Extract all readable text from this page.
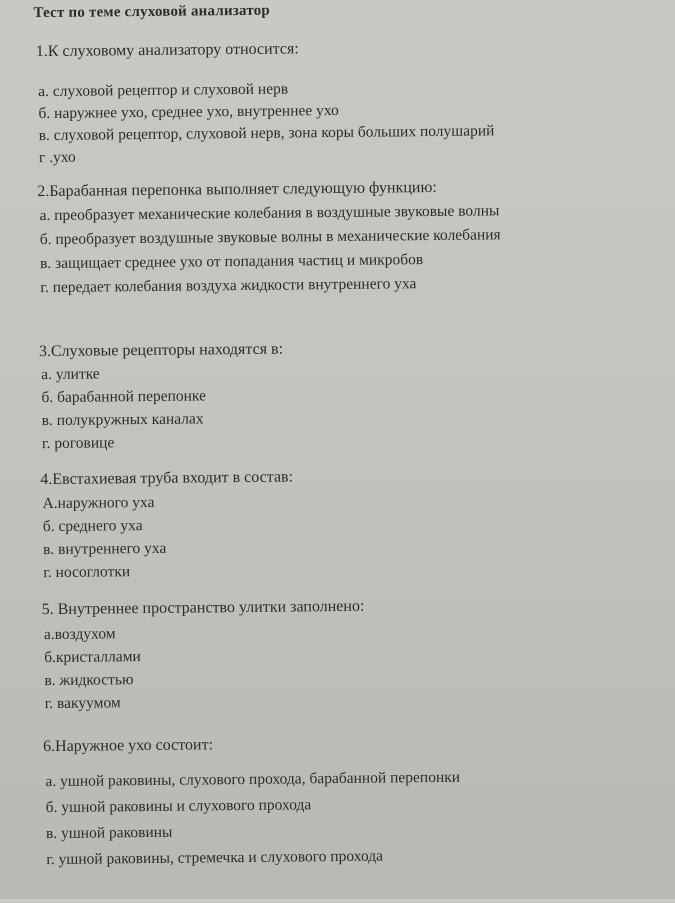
Тест по теме слуховой анализатор
1.К слуховому анализатору относится:
а. слуховой рецептор и слуховой нерв
б. наружнее ухо, среднее ухо, внутреннее ухо
в. слуховой рецептор, слуховой нерв, зона коры больших полушарий
г .ухо
2.Барабанная перепонка выполняет следующую функцию:
а. преобразует механические колебания в воздушные звуковые волны
б. преобразует воздушные звуковые волны в механические колебания
в. защищает среднее ухо от попадания частиц и микробов
г. передает колебания воздуха жидкости внутреннего уха
3.Слуховые рецепторы находятся в:
а. улитке
б. барабанной перепонке
в. полукружных каналах
г. роговице
4.Евстахиевая труба входит в состав:
А.наружного уха
б. среднего уха
в. внутреннего уха
г. носоглотки
5. Внутреннее пространство улитки заполнено:
а.воздухом
б.кристаллами
в. жидкостью
г. вакуумом
6.Наружное ухо состоит:
а. ушной раковины, слухового прохода, барабанной перепонки
б. ушной раковины и слухового прохода
в. ушной раковины
г. ушной раковины, стремечка и слухового прохода
